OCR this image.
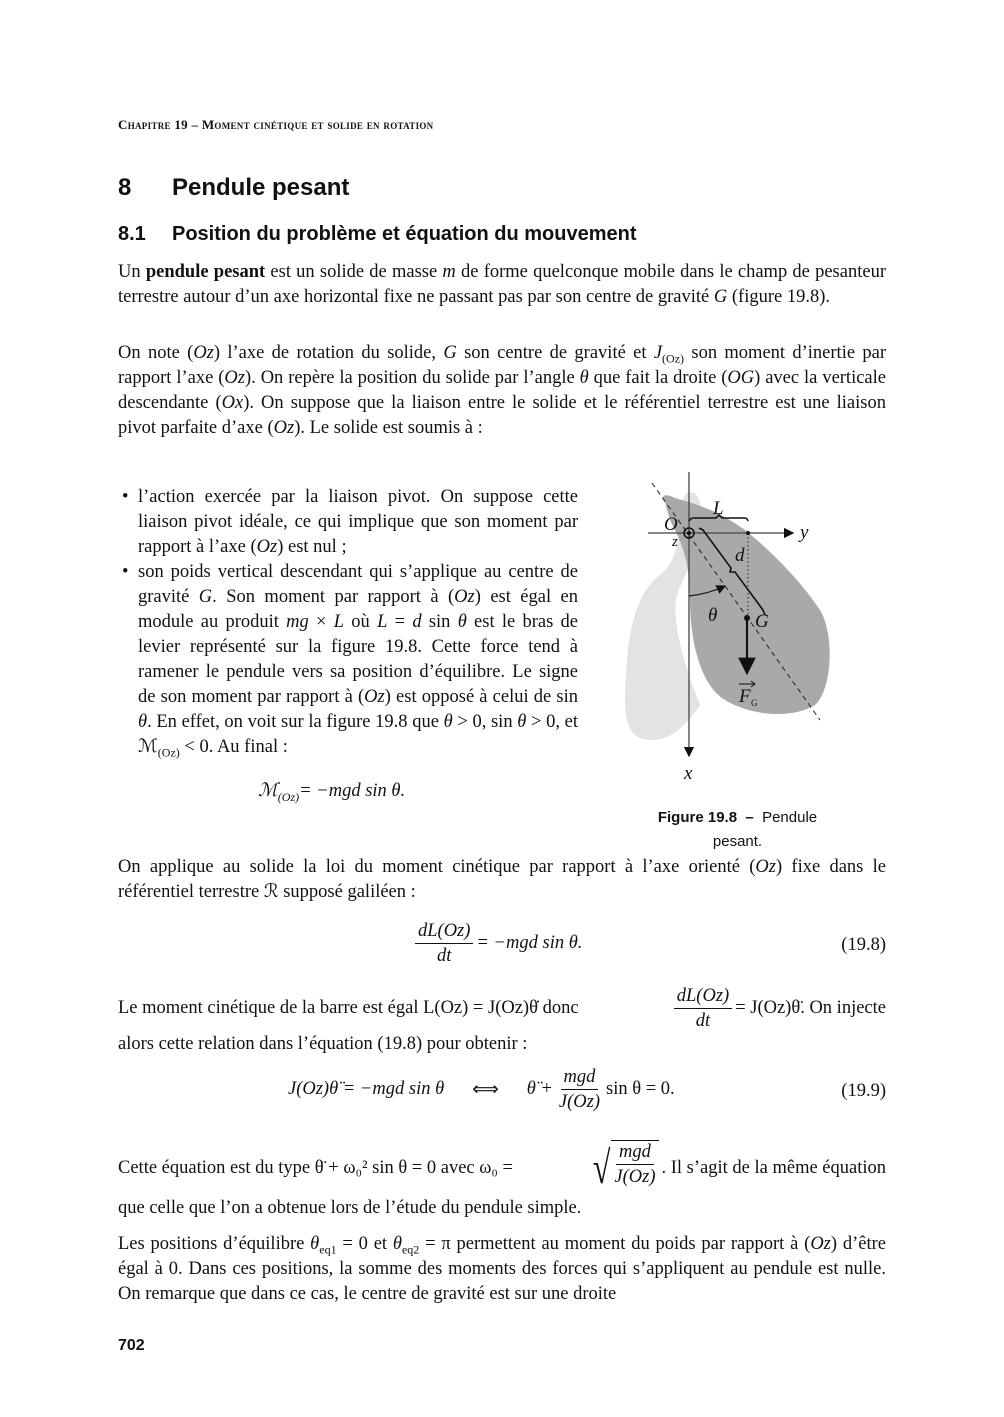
Chapitre 19 – Moment cinétique et solide en rotation
8 Pendule pesant
8.1 Position du problème et équation du mouvement
Un pendule pesant est un solide de masse m de forme quelconque mobile dans le champ de pesanteur terrestre autour d’un axe horizontal fixe ne passant pas par son centre de gravité G (figure 19.8).
On note (Oz) l’axe de rotation du solide, G son centre de gravité et $J_{(Oz)}$ son moment d’inertie par rapport l’axe (Oz). On repère la position du solide par l’angle θ que fait la droite (OG) avec la verticale descendante (Ox). On suppose que la liaison entre le solide et le référentiel terrestre est une liaison pivot parfaite d’axe (Oz). Le solide est soumis à :
• l’action exercée par la liaison pivot. On suppose cette liaison pivot idéale, ce qui implique que son moment par rapport à l’axe (Oz) est nul ;
• son poids vertical descendant qui s’applique au centre de gravité G. Son moment par rapport à (Oz) est égal en module au produit mg × L où L = d sin θ est le bras de levier représenté sur la figure 19.8. Cette force tend à ramener le pendule vers sa position d’équilibre. Le signe de son moment par rapport à (Oz) est opposé à celui de sin θ. En effet, on voit sur la figure 19.8 que θ > 0, sin θ > 0, et ℳ$_{(Oz)}$ < 0. Au final :
ℳ$_{(Oz)}$ = −mgd sin θ.
O
z
L
y
d
θ G
F G
x
Figure 19.8 – Pendule pesant.
On applique au solide la loi du moment cinétique par rapport à l’axe orienté (Oz) fixe dans le référentiel terrestre ℛ supposé galiléen :
$\frac{dL(Oz)}{dt} = -mgd$ sin θ.	(19.8)
Le moment cinétique de la barre est égal L(Oz) = J(Oz)θ̇ donc	$\frac{dL(Oz)}{dt}$ = J(Oz)θ̈. On injecte
alors cette relation dans l’équation (19.8) pour obtenir :
J(Oz)θ̈ = −mgd sin θ ⟺ θ̈ + $\frac{\text{mgd}}{J(Oz)}$ sin θ = 0.	(19.9)
Cette équation est du type θ̈ + ω₀² sin θ = 0 avec ω₀ = √ $\frac{\text{mgd}}{J(Oz)}$ . Il s’agit de la même équation
que celle que l’on a obtenue lors de l’étude du pendule simple.
Les positions d’équilibre $\theta_{eq1} = 0$ et $\theta_{eq2} = \pi$ permettent au moment du poids par rapport à (Oz) d’être égal à 0. Dans ces positions, la somme des moments des forces qui s’appliquent au pendule est nulle. On remarque que dans ce cas, le centre de gravité est sur une droite
702
